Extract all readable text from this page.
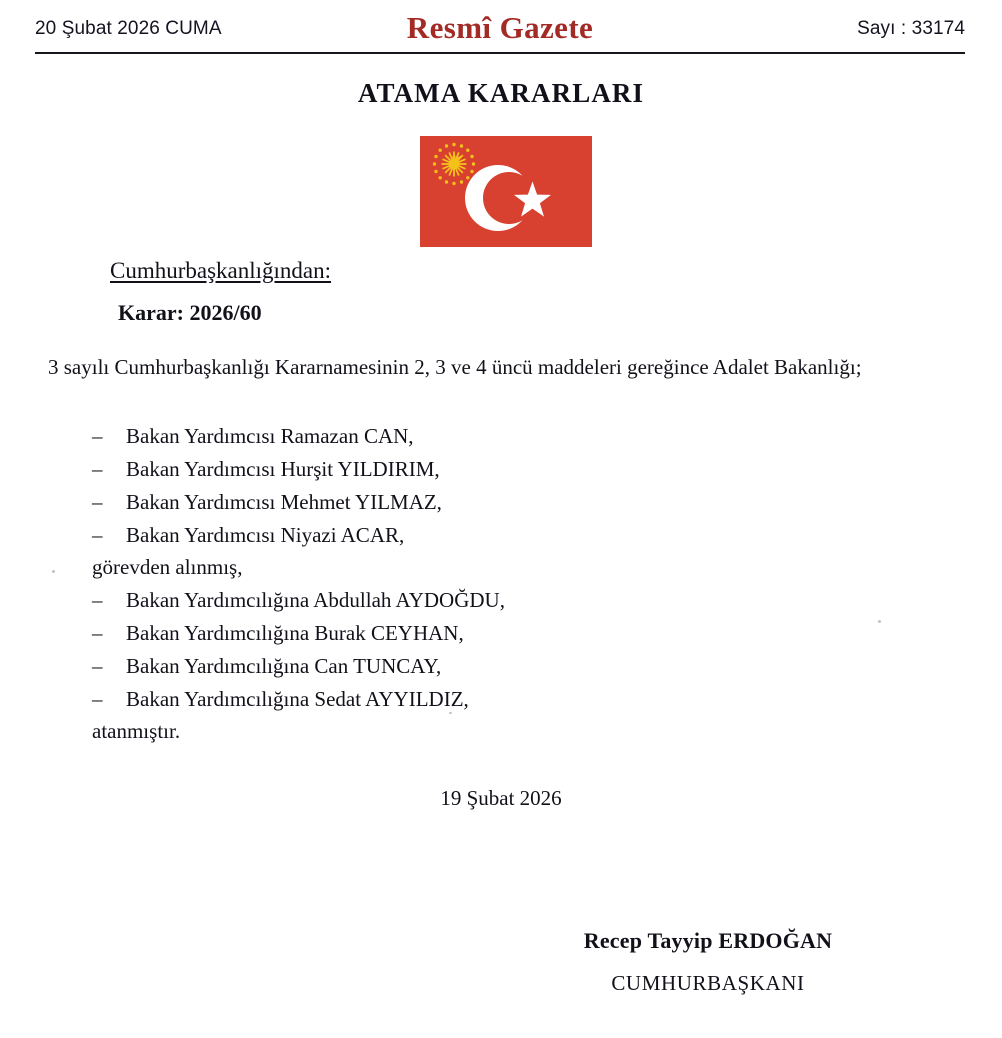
20 Şubat 2026 CUMA	Resmî Gazete	Sayı : 33174
ATAMA KARARLARI
Cumhurbaşkanlığından:
Karar: 2026/60
3 sayılı Cumhurbaşkanlığı Kararnamesinin 2, 3 ve 4 üncü maddeleri gereğince Adalet Bakanlığı;
–	Bakan Yardımcısı Ramazan CAN,
–	Bakan Yardımcısı Hurşit YILDIRIM,
–	Bakan Yardımcısı Mehmet YILMAZ,
–	Bakan Yardımcısı Niyazi ACAR,
görevden alınmış,
–	Bakan Yardımcılığına Abdullah AYDOĞDU,
–	Bakan Yardımcılığına Burak CEYHAN,
–	Bakan Yardımcılığına Can TUNCAY,
–	Bakan Yardımcılığına Sedat AYYILDIZ,
atanmıştır.
19 Şubat 2026
Recep Tayyip ERDOĞAN
CUMHURBAŞKANI
